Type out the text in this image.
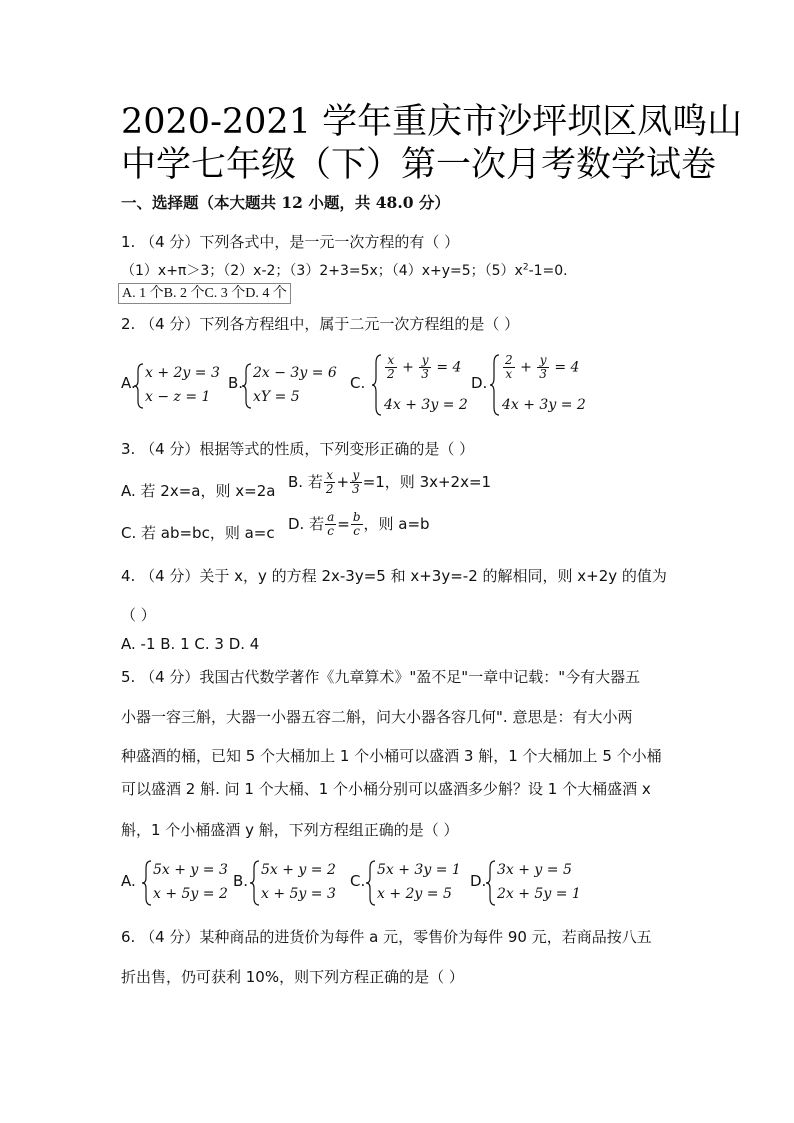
2020-2021 学年重庆市沙坪坝区凤鸣山
中学七年级（下）第一次月考数学试卷
一、选择题（本大题共 12 小题，共 48.0 分）
1. （4 分）下列各式中，是一元一次方程的有（ ）
（1）x+π＞3；（2）x-2；（3）2+3=5x；（4）x+y=5；$(5)x^2-1=0$.
A. 1 个B. 2 个C. 3 个D. 4 个
2. （4 分）下列各方程组中，属于二元一次方程组的是（ ）
A.
x + 2y = 3
x − z = 1
B.
2x − 3y = 6
xY = 5
C.
$\frac{x}{2} + \frac{y}{3} = 4$
4x + 3y = 2
D.
$\frac{2}{x} + \frac{y}{3} = 4$
4x + 3y = 2
3. （4 分）根据等式的性质，下列变形正确的是（ ）
A. 若 2x=a，则 x=2a B. 若 $\frac{x}{2} + \frac{y}{3} =1$，则 3x+2x=1
C. 若 ab=bc，则 a=c D. 若 $\frac{a}{c} = \frac{b}{c}$ ，则 a=b
4. （4 分）关于 x，y 的方程 2x-3y=5 和 x+3y=-2 的解相同，则 x+2y 的值为
（ ）
A. -1 B. 1 C. 3 D. 4
5. （4 分）我国古代数学著作《九章算术》"盈不足"一章中记载："今有大器五
小器一容三斛，大器一小器五容二斛，问大小器各容几何". 意思是：有大小两
种盛酒的桶，已知 5 个大桶加上 1 个小桶可以盛酒 3 斛，1 个大桶加上 5 个小桶
可以盛酒 2 斛. 问 1 个大桶、1 个小桶分别可以盛酒多少斛？设 1 个大桶盛酒 x
斛，1 个小桶盛酒 y 斛，下列方程组正确的是（ ）
A.
5x + y = 3
x + 5y = 2
B.
5x + y = 2
x + 5y = 3
C.
5x + 3y = 1
x + 2y = 5
D.
3x + y = 5
2x + 5y = 1
6. （4 分）某种商品的进货价为每件 a 元，零售价为每件 90 元，若商品按八五
折出售，仍可获利 10%，则下列方程正确的是（ ）
